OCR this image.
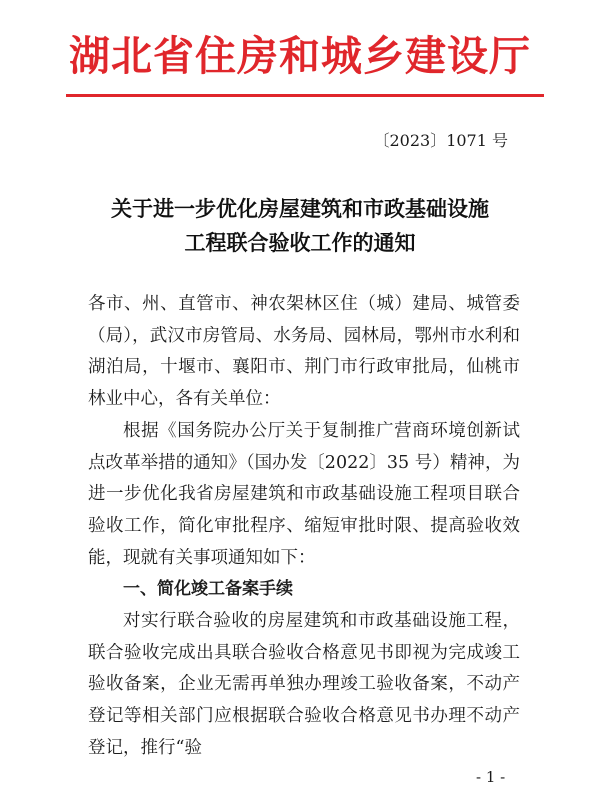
湖北省住房和城乡建设厅
〔2023〕1071 号
关于进一步优化房屋建筑和市政基础设施
工程联合验收工作的通知

各市、州、直管市、神农架林区住（城）建局、城管委（局），武汉市房管局、水务局、园林局，鄂州市水利和湖泊局，十堰市、襄阳市、荆门市行政审批局，仙桃市林业中心，各有关单位：

根据《国务院办公厅关于复制推广营商环境创新试点改革举措的通知》（国办发〔2022〕35 号）精神，为进一步优化我省房屋建筑和市政基础设施工程项目联合验收工作，简化审批程序、缩短审批时限、提高验收效能，现就有关事项通知如下：

一、简化竣工备案手续

对实行联合验收的房屋建筑和市政基础设施工程，联合验收完成出具联合验收合格意见书即视为完成竣工验收备案，企业无需再单独办理竣工验收备案，不动产登记等相关部门应根据联合验收合格意见书办理不动产登记，推行“验

- 1 -
